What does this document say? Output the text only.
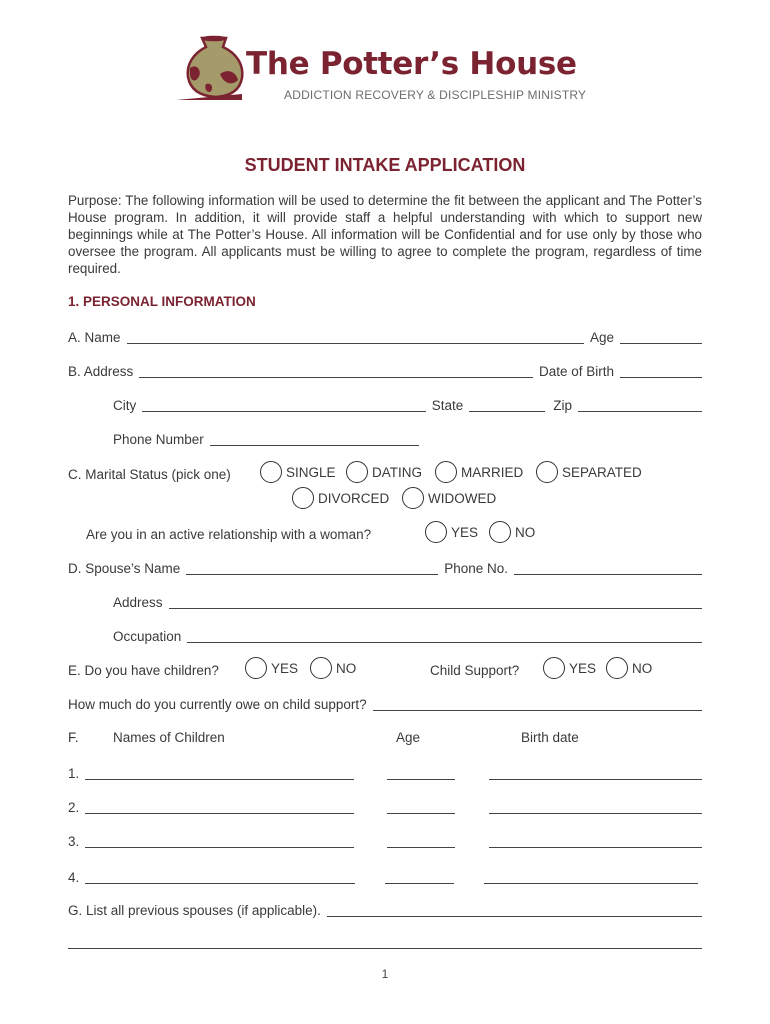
The Potter’s House
ADDICTION RECOVERY & DISCIPLESHIP MINISTRY
STUDENT INTAKE APPLICATION
Purpose: The following information will be used to determine the fit between the applicant and The Potter’s House program. In addition, it will provide staff a helpful understanding with which to support new beginnings while at The Potter’s House. All information will be Confidential and for use only by those who oversee the program. All applicants must be willing to agree to complete the program, regardless of time required.
1. PERSONAL INFORMATION
A. Name	Age
B. Address	Date of Birth
City	State	Zip
Phone Number
C. Marital Status (pick one)	SINGLE	DATING	MARRIED	SEPARATED
DIVORCED	WIDOWED
Are you in an active relationship with a woman?	YES	NO
D. Spouse’s Name	Phone No.
Address
Occupation
E. Do you have children?	YES	NO	Child Support?	YES	NO
How much do you currently owe on child support?
F.	Names of Children	Age	Birth date
1.
2.
3.
4.
G. List all previous spouses (if applicable).
1
